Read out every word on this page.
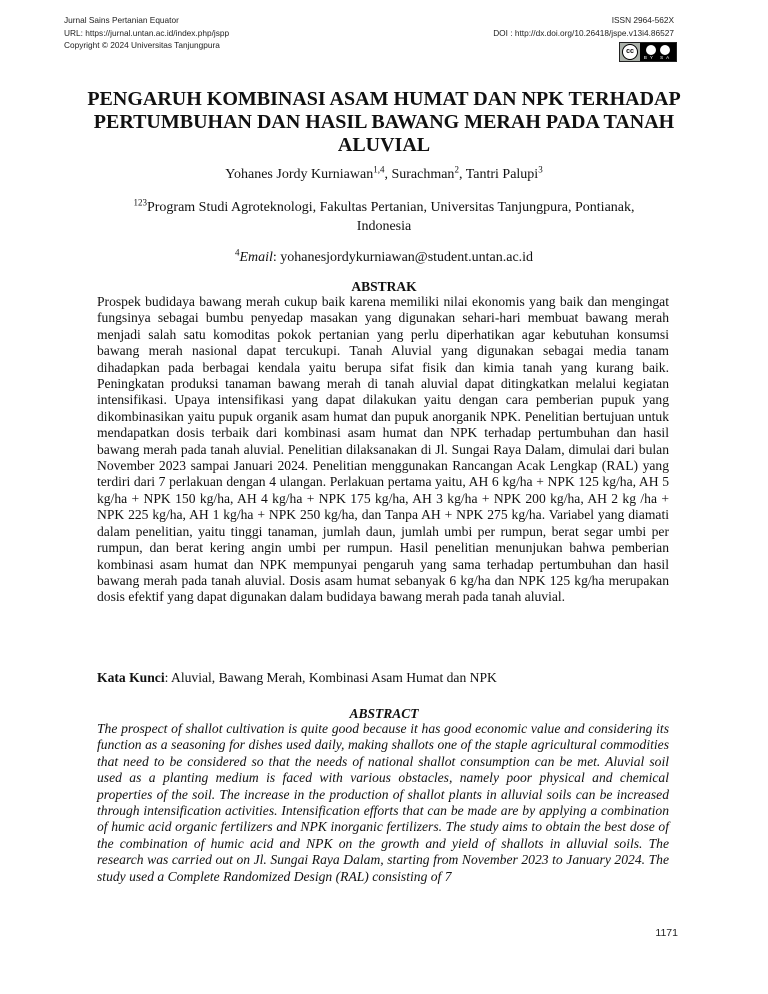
Jurnal Sains Pertanian Equator
URL: https://jurnal.untan.ac.id/index.php/jspp
Copyright © 2024 Universitas Tanjungpura
ISSN 2964-562X
DOI : http://dx.doi.org/10.26418/jspe.v13i4.86527
cc
BY SA
PENGARUH KOMBINASI ASAM HUMAT DAN NPK TERHADAP PERTUMBUHAN DAN HASIL BAWANG MERAH PADA TANAH ALUVIAL
Yohanes Jordy Kurniawan$^{1,4}$, Surachman$^2$, Tantri Palupi$^3$
$^{123}$Program Studi Agroteknologi, Fakultas Pertanian, Universitas Tanjungpura, Pontianak, Indonesia
$^4$Email: yohanesjordykurniawan@student.untan.ac.id
ABSTRAK

Prospek budidaya bawang merah cukup baik karena memiliki nilai ekonomis yang baik dan mengingat fungsinya sebagai bumbu penyedap masakan yang digunakan sehari-hari membuat bawang merah menjadi salah satu komoditas pokok pertanian yang perlu diperhatikan agar kebutuhan konsumsi bawang merah nasional dapat tercukupi. Tanah Aluvial yang digunakan sebagai media tanam dihadapkan pada berbagai kendala yaitu berupa sifat fisik dan kimia tanah yang kurang baik. Peningkatan produksi tanaman bawang merah di tanah aluvial dapat ditingkatkan melalui kegiatan intensifikasi. Upaya intensifikasi yang dapat dilakukan yaitu dengan cara pemberian pupuk yang dikombinasikan yaitu pupuk organik asam humat dan pupuk anorganik NPK. Penelitian bertujuan untuk mendapatkan dosis terbaik dari kombinasi asam humat dan NPK terhadap pertumbuhan dan hasil bawang merah pada tanah aluvial. Penelitian dilaksanakan di Jl. Sungai Raya Dalam, dimulai dari bulan November 2023 sampai Januari 2024. Penelitian menggunakan Rancangan Acak Lengkap (RAL) yang terdiri dari 7 perlakuan dengan 4 ulangan. Perlakuan pertama yaitu, AH 6 kg/ha + NPK 125 kg/ha, AH 5 kg/ha + NPK 150 kg/ha, AH 4 kg/ha + NPK 175 kg/ha, AH 3 kg/ha + NPK 200 kg/ha, AH 2 kg /ha + NPK 225 kg/ha, AH 1 kg/ha + NPK 250 kg/ha, dan Tanpa AH + NPK 275 kg/ha. Variabel yang diamati dalam penelitian, yaitu tinggi tanaman, jumlah daun, jumlah umbi per rumpun, berat segar umbi per rumpun, dan berat kering angin umbi per rumpun. Hasil penelitian menunjukan bahwa pemberian kombinasi asam humat dan NPK mempunyai pengaruh yang sama terhadap pertumbuhan dan hasil bawang merah pada tanah aluvial. Dosis asam humat sebanyak 6 kg/ha dan NPK 125 kg/ha merupakan dosis efektif yang dapat digunakan dalam budidaya bawang merah pada tanah aluvial.

Kata Kunci: Aluvial, Bawang Merah, Kombinasi Asam Humat dan NPK

ABSTRACT

The prospect of shallot cultivation is quite good because it has good economic value and considering its function as a seasoning for dishes used daily, making shallots one of the staple agricultural commodities that need to be considered so that the needs of national shallot consumption can be met. Aluvial soil used as a planting medium is faced with various obstacles, namely poor physical and chemical properties of the soil. The increase in the production of shallot plants in alluvial soils can be increased through intensification activities. Intensification efforts that can be made are by applying a combination of humic acid organic fertilizers and NPK inorganic fertilizers. The study aims to obtain the best dose of the combination of humic acid and NPK on the growth and yield of shallots in alluvial soils. The research was carried out on Jl. Sungai Raya Dalam, starting from November 2023 to January 2024. The study used a Complete Randomized Design (RAL) consisting of 7

1171
